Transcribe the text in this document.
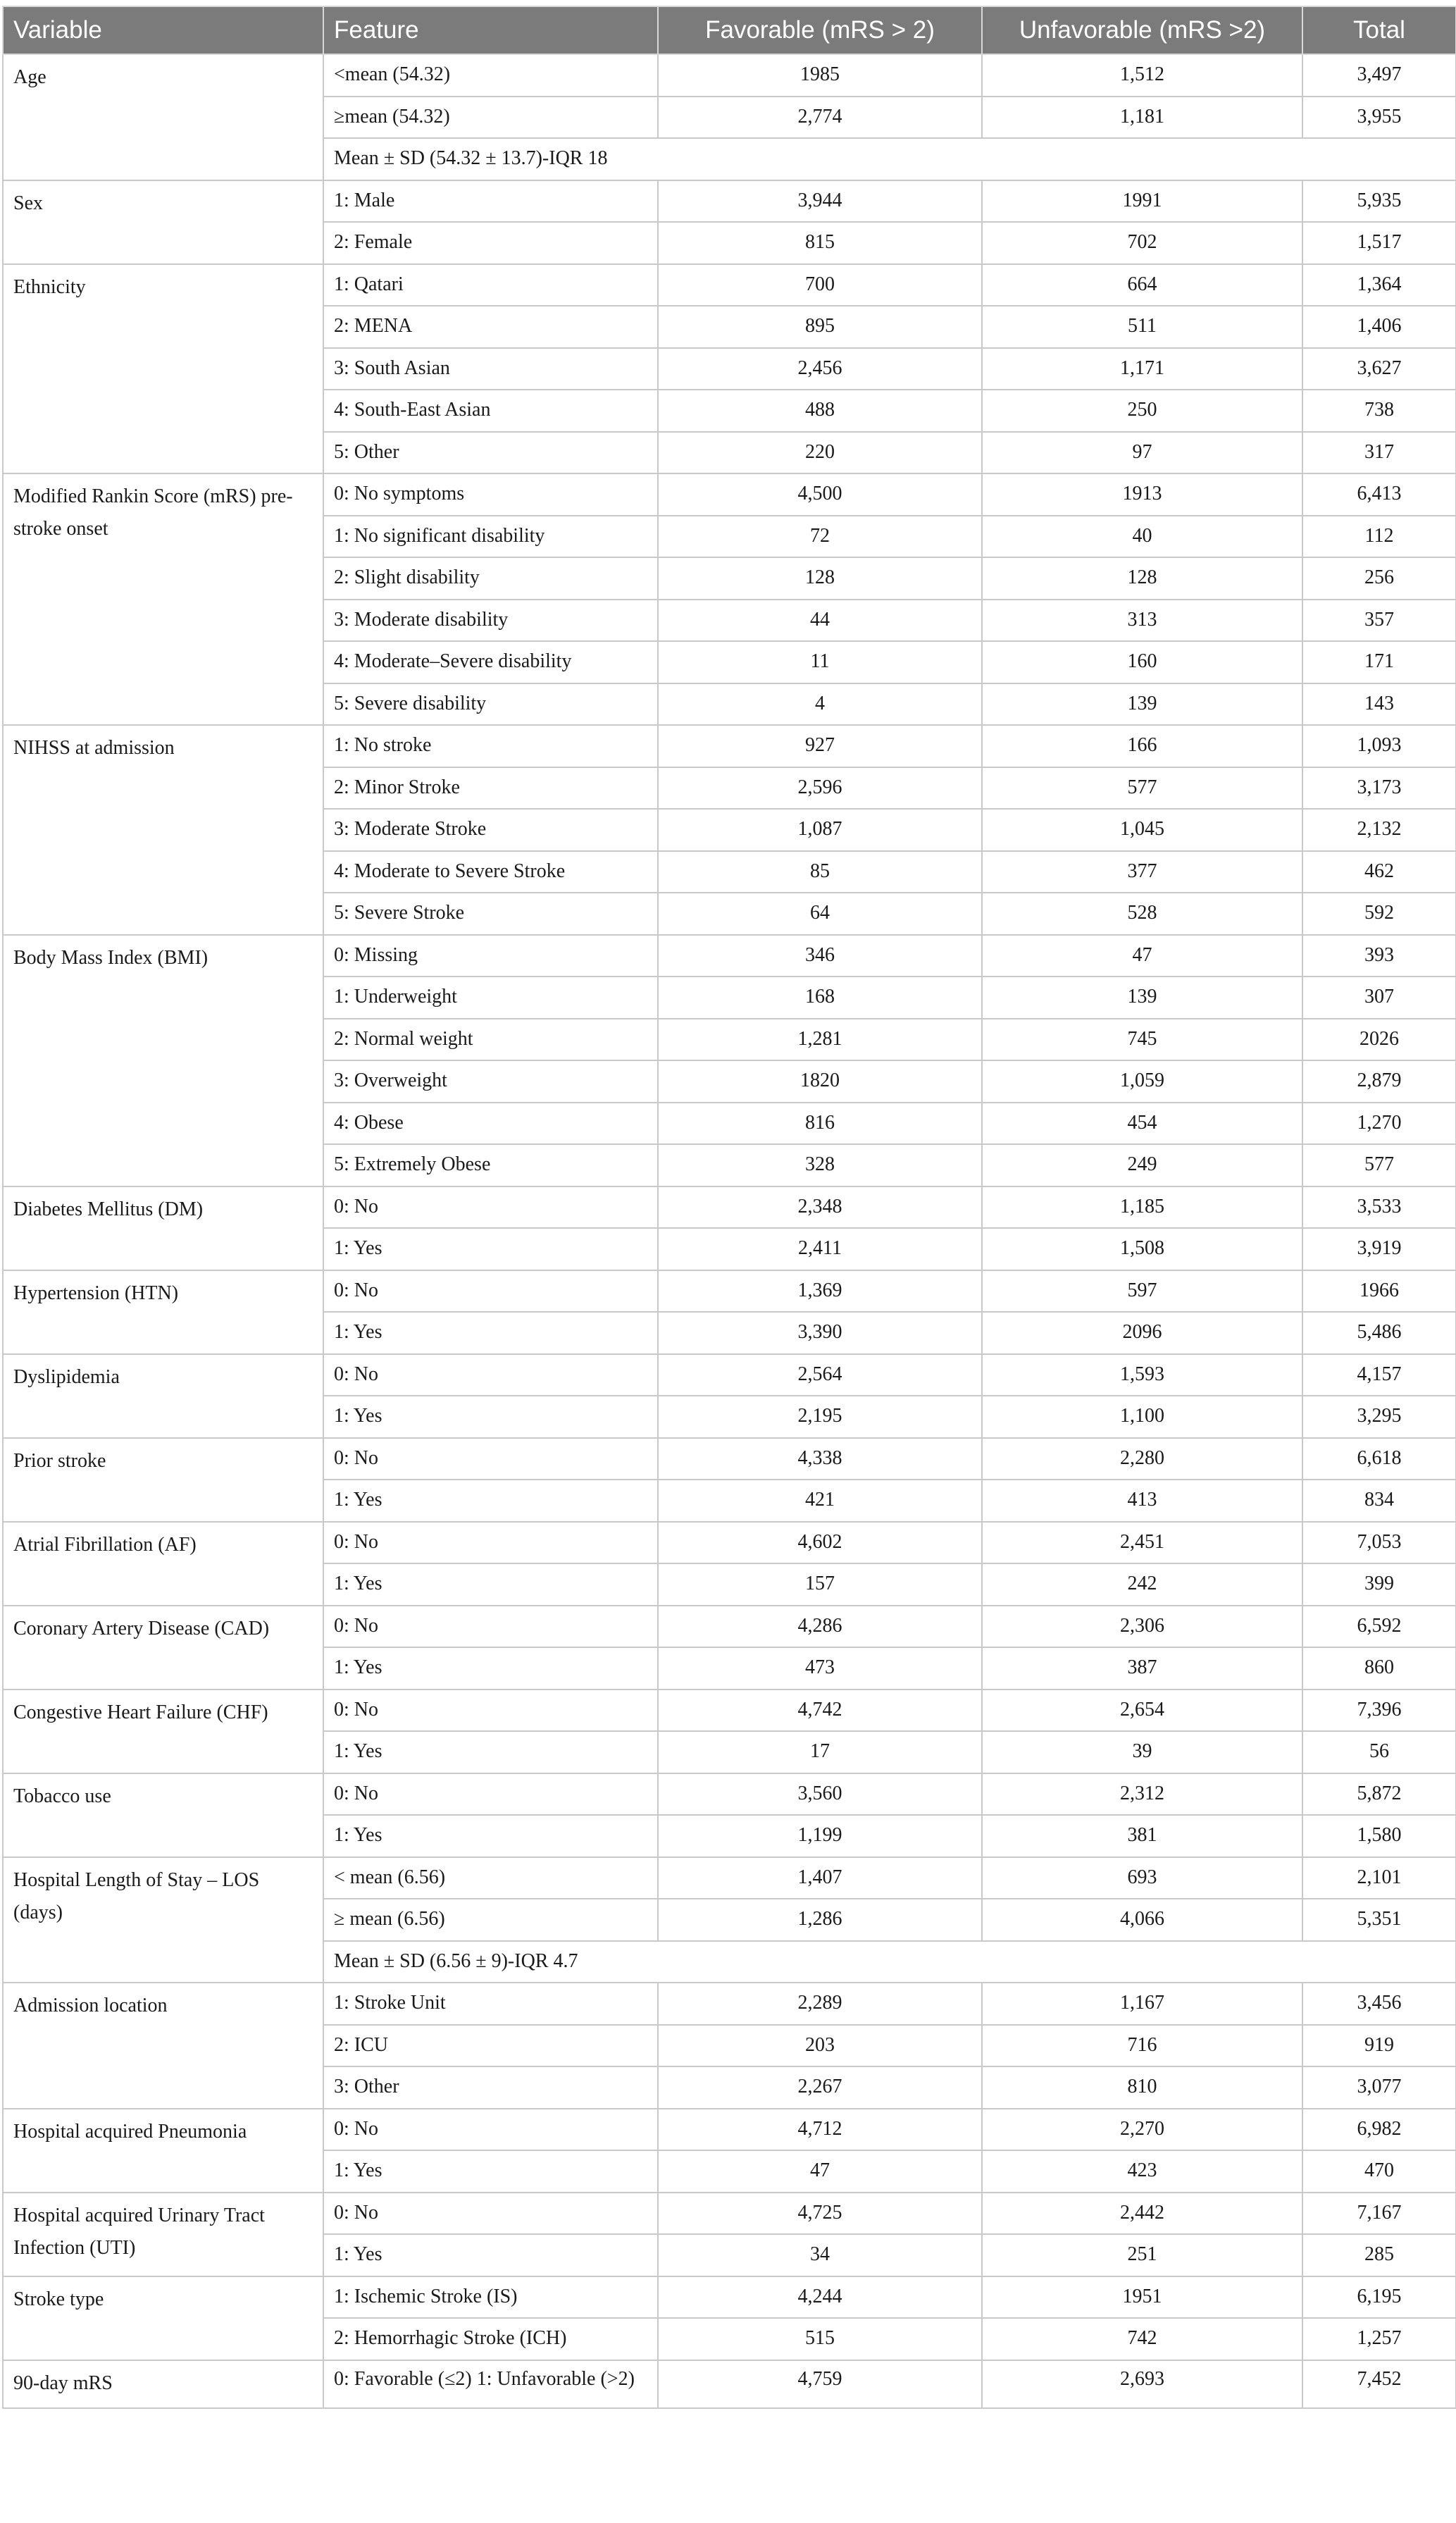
Variable	Feature	Favorable (mRS > 2)	Unfavorable (mRS >2)	Total
Age	<mean (54.32)	1985	1,512	3,497
	≥mean (54.32)	2,774	1,181	3,955
	Mean ± SD (54.32 ± 13.7)-IQR 18			
Sex	1: Male	3,944	1991	5,935
	2: Female	815	702	1,517
Ethnicity	1: Qatari	700	664	1,364
	2: MENA	895	511	1,406
	3: South Asian	2,456	1,171	3,627
	4: South-East Asian	488	250	738
	5: Other	220	97	317
Modified Rankin Score (mRS) pre-stroke onset	0: No symptoms	4,500	1913	6,413
	1: No significant disability	72	40	112
	2: Slight disability	128	128	256
	3: Moderate disability	44	313	357
	4: Moderate–Severe disability	11	160	171
	5: Severe disability	4	139	143
NIHSS at admission	1: No stroke	927	166	1,093
	2: Minor Stroke	2,596	577	3,173
	3: Moderate Stroke	1,087	1,045	2,132
	4: Moderate to Severe Stroke	85	377	462
	5: Severe Stroke	64	528	592
Body Mass Index (BMI)	0: Missing	346	47	393
	1: Underweight	168	139	307
	2: Normal weight	1,281	745	2026
	3: Overweight	1820	1,059	2,879
	4: Obese	816	454	1,270
	5: Extremely Obese	328	249	577
Diabetes Mellitus (DM)	0: No	2,348	1,185	3,533
	1: Yes	2,411	1,508	3,919
Hypertension (HTN)	0: No	1,369	597	1966
	1: Yes	3,390	2096	5,486
Dyslipidemia	0: No	2,564	1,593	4,157
	1: Yes	2,195	1,100	3,295
Prior stroke	0: No	4,338	2,280	6,618
	1: Yes	421	413	834
Atrial Fibrillation (AF)	0: No	4,602	2,451	7,053
	1: Yes	157	242	399
Coronary Artery Disease (CAD)	0: No	4,286	2,306	6,592
	1: Yes	473	387	860
Congestive Heart Failure (CHF)	0: No	4,742	2,654	7,396
	1: Yes	17	39	56
Tobacco use	0: No	3,560	2,312	5,872
	1: Yes	1,199	381	1,580
Hospital Length of Stay – LOS (days)	< mean (6.56)	1,407	693	2,101
	≥ mean (6.56)	1,286	4,066	5,351
	Mean ± SD (6.56 ± 9)-IQR 4.7			
Admission location	1: Stroke Unit	2,289	1,167	3,456
	2: ICU	203	716	919
	3: Other	2,267	810	3,077
Hospital acquired Pneumonia	0: No	4,712	2,270	6,982
	1: Yes	47	423	470
Hospital acquired Urinary Tract Infection (UTI)	0: No	4,725	2,442	7,167
	1: Yes	34	251	285
Stroke type	1: Ischemic Stroke (IS)	4,244	1951	6,195
	2: Hemorrhagic Stroke (ICH)	515	742	1,257
90-day mRS	0: Favorable (≤2) 1: Unfavorable (>2)	4,759	2,693	7,452
